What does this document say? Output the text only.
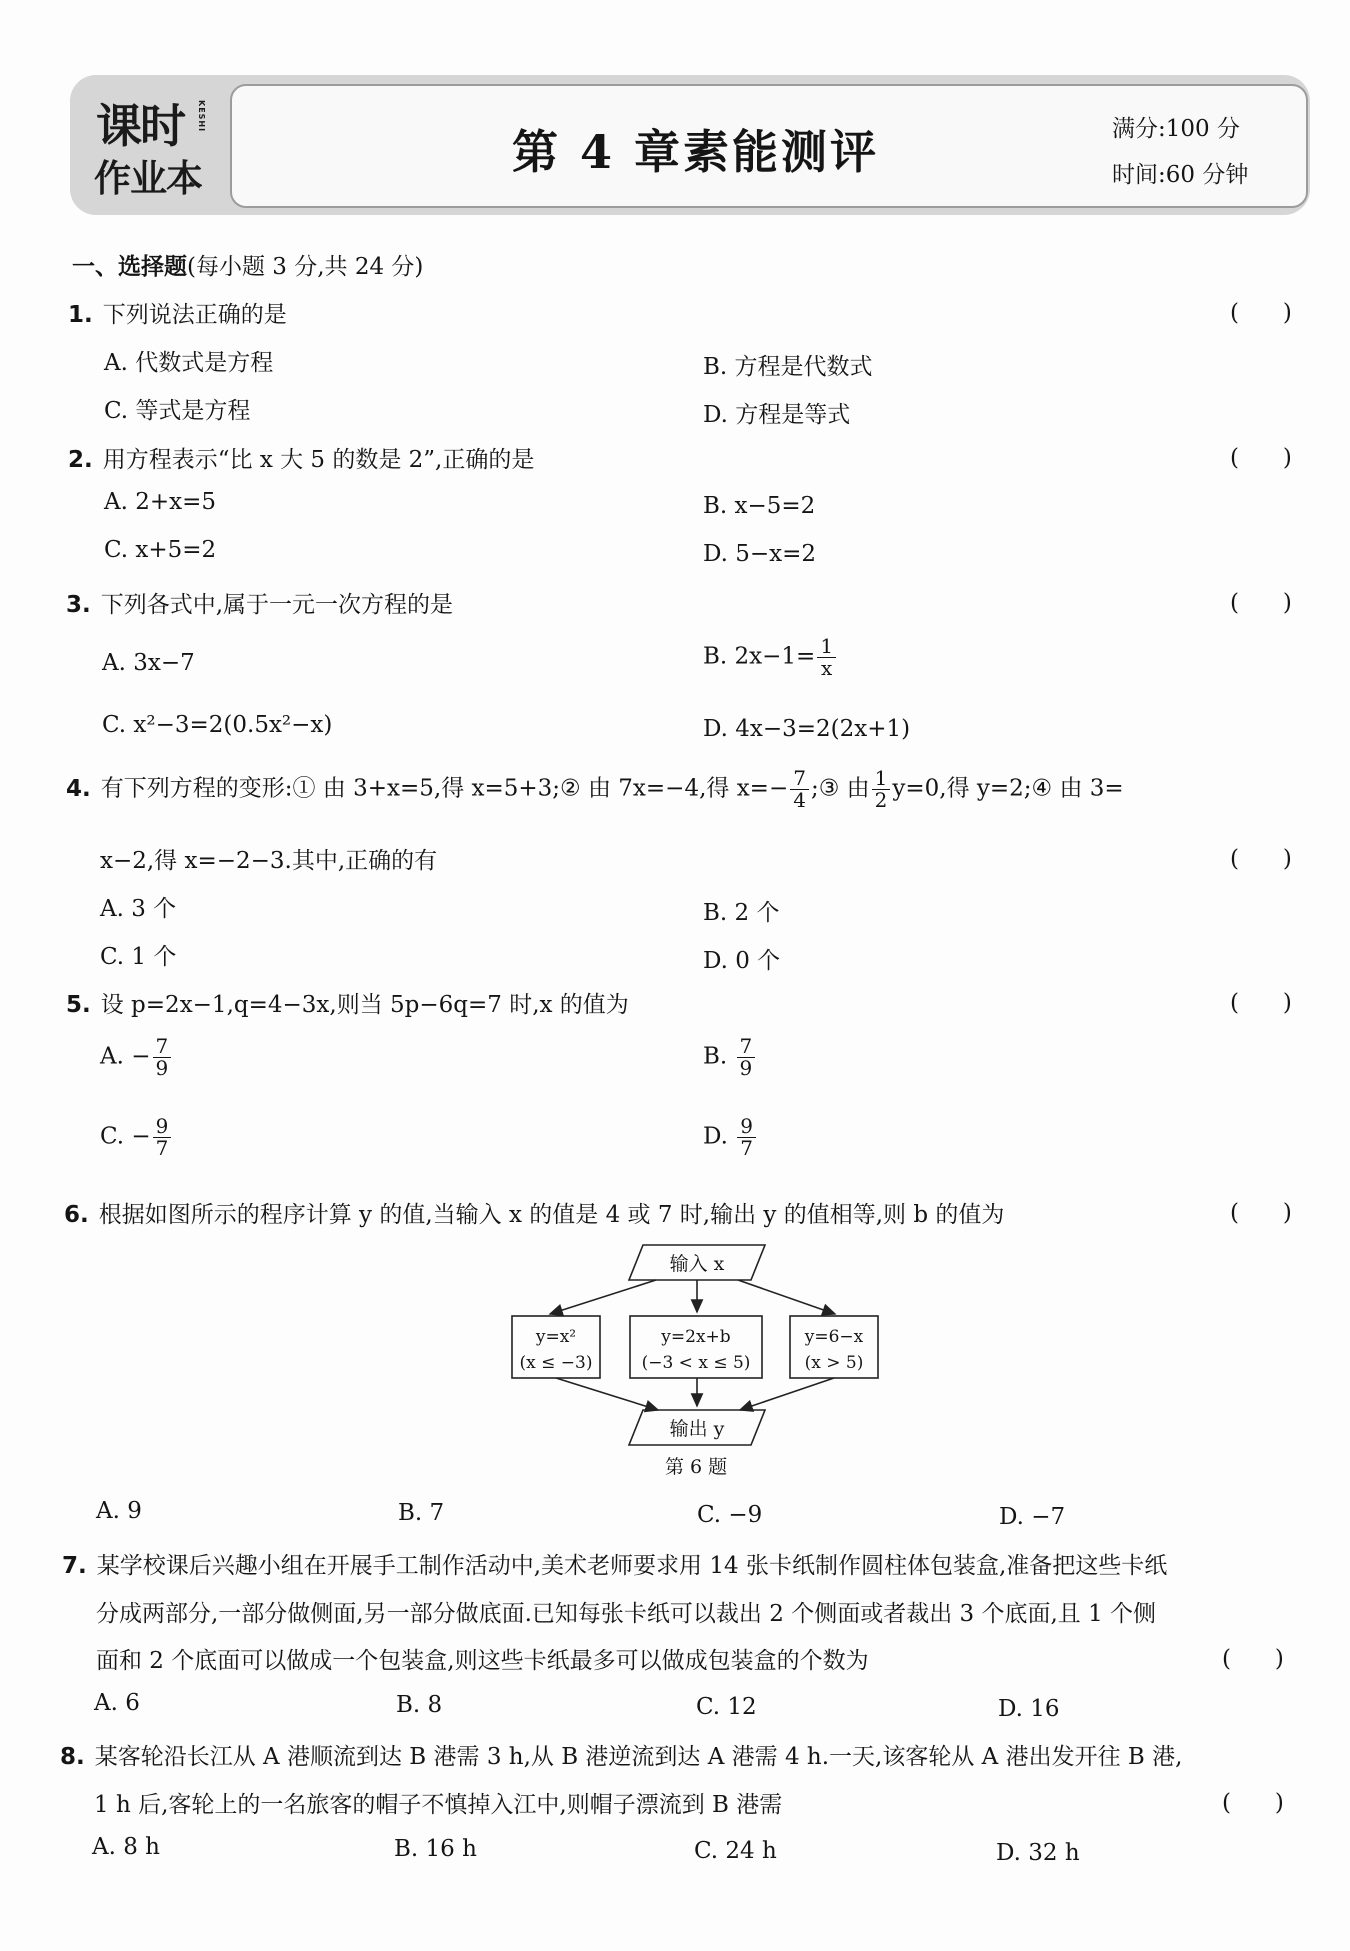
课时
作业本
KESHI
第 4 章素能测评	满分:100 分
时间:60 分钟
一、选择题(每小题 3 分,共 24 分)
1. 下列说法正确的是	(      )
A. 代数式是方程	B. 方程是代数式
C. 等式是方程	D. 方程是等式
2. 用方程表示“比 x 大 5 的数是 2”,正确的是	(      )
A. 2+x=5	B. x−5=2
C. x+5=2	D. 5−x=2
3. 下列各式中,属于一元一次方程的是	(      )
A. 3x−7	B. $2x-1= \frac{1}{x}$
C. x²−3=2(0.5x²−x)	D. 4x−3=2(2x+1)
4. 有下列方程的变形:① 由 3+x=5,得 x=5+3;② 由 7x=−4,得 $x=- \frac{7}{4}$ ;③ 由 $\frac{1}{2} y=0$,得 y=2;④ 由 3=
x−2,得 x=−2−3.其中,正确的有	(      )
A. 3 个	B. 2 个
C. 1 个	D. 0 个
5. 设 p=2x−1,q=4−3x,则当 5p−6q=7 时,x 的值为	(      )
A. − $\frac{7}{9}$	B. $\frac{7}{9}$
C. − $\frac{9}{7}$	D. $\frac{9}{7}$
6. 根据如图所示的程序计算 y 的值,当输入 x 的值是 4 或 7 时,输出 y 的值相等,则 b 的值为	(      )
输入 x
y=x²
(x ≤ −3)
y=2x+b
(−3 < x ≤ 5)
y=6−x
(x > 5)
输出 y
第 6 题
A. 9	B. 7	C. −9	D. −7
7. 某学校课后兴趣小组在开展手工制作活动中,美术老师要求用 14 张卡纸制作圆柱体包装盒,准备把这些卡纸
分成两部分,一部分做侧面,另一部分做底面.已知每张卡纸可以裁出 2 个侧面或者裁出 3 个底面,且 1 个侧
面和 2 个底面可以做成一个包装盒,则这些卡纸最多可以做成包装盒的个数为	(      )
A. 6	B. 8	C. 12	D. 16
8. 某客轮沿长江从 A 港顺流到达 B 港需 3 h,从 B 港逆流到达 A 港需 4 h.一天,该客轮从 A 港出发开往 B 港,
1 h 后,客轮上的一名旅客的帽子不慎掉入江中,则帽子漂流到 B 港需	(      )
A. 8 h	B. 16 h	C. 24 h	D. 32 h
